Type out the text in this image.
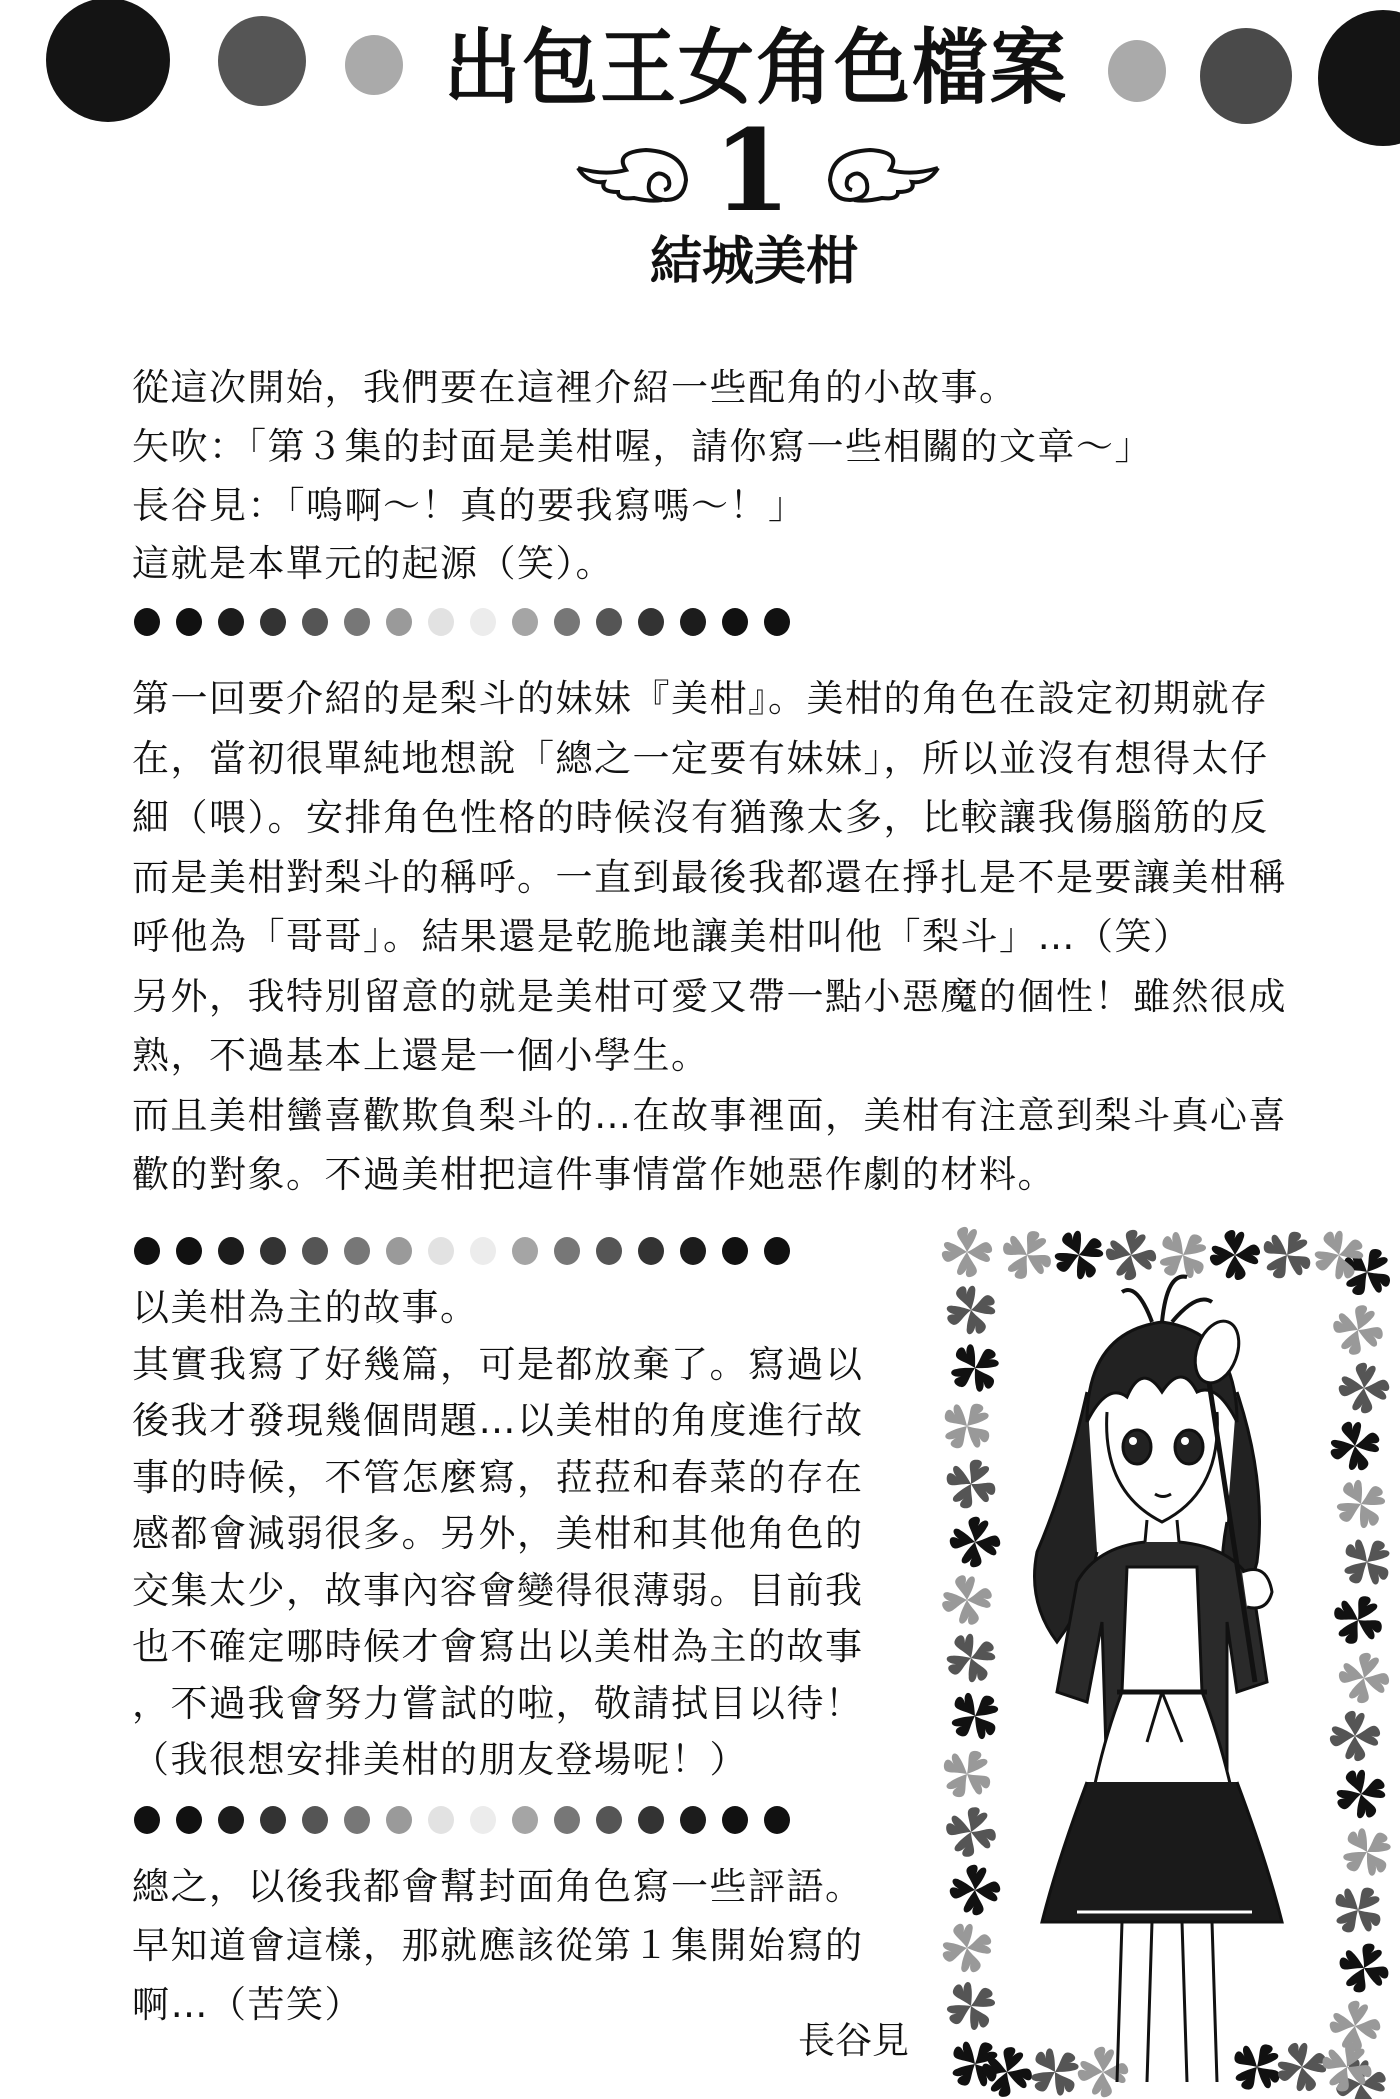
出包王女角色檔案
1
結城美柑
從這次開始，我們要在這裡介紹一些配角的小故事。
矢吹：「第３集的封面是美柑喔，請你寫一些相關的文章～」
長谷見：「嗚啊～！真的要我寫嗎～！」
這就是本單元的起源（笑）。
第一回要介紹的是梨斗的妹妹『美柑』。美柑的角色在設定初期就存
在，當初很單純地想說「總之一定要有妹妹」，所以並沒有想得太仔
細（喂）。安排角色性格的時候沒有猶豫太多，比較讓我傷腦筋的反
而是美柑對梨斗的稱呼。一直到最後我都還在掙扎是不是要讓美柑稱
呼他為「哥哥」。結果還是乾脆地讓美柑叫他「梨斗」…（笑）
另外，我特別留意的就是美柑可愛又帶一點小惡魔的個性！雖然很成
熟，不過基本上還是一個小學生。
而且美柑蠻喜歡欺負梨斗的…在故事裡面，美柑有注意到梨斗真心喜
歡的對象。不過美柑把這件事情當作她惡作劇的材料。
以美柑為主的故事。
其實我寫了好幾篇，可是都放棄了。寫過以
後我才發現幾個問題…以美柑的角度進行故
事的時候，不管怎麼寫，菈菈和春菜的存在
感都會減弱很多。另外，美柑和其他角色的
交集太少，故事內容會變得很薄弱。目前我
也不確定哪時候才會寫出以美柑為主的故事
，不過我會努力嘗試的啦，敬請拭目以待！
（我很想安排美柑的朋友登場呢！）
總之，以後我都會幫封面角色寫一些評語。
早知道會這樣，那就應該從第１集開始寫的
啊…（苦笑）
長谷見
